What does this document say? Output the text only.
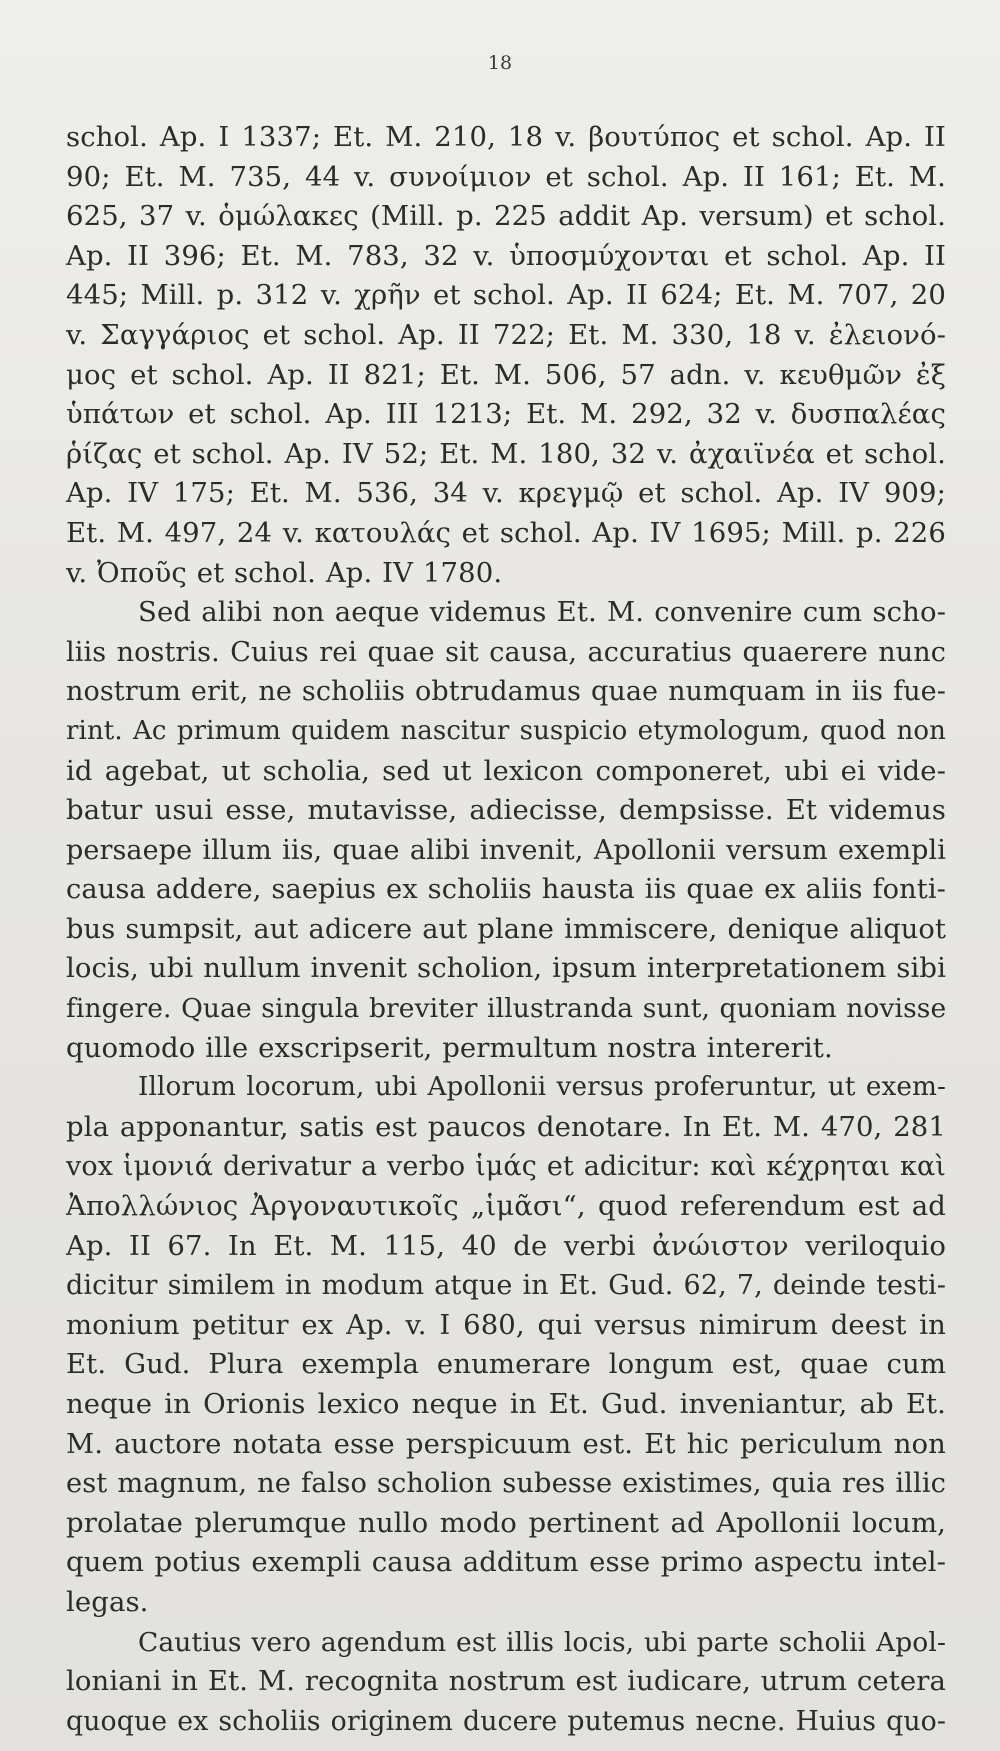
18
schol. Ap. I 1337; Et. M. 210, 18 v. βουτύπος et schol. Ap. II
90; Et. M. 735, 44 v. συνοίμιον et schol. Ap. II 161; Et. M.
625, 37 v. ὁμώλακες (Mill. p. 225 addit Ap. versum) et schol.
Ap. II 396; Et. M. 783, 32 v. ὑποσμύχονται et schol. Ap. II
445; Mill. p. 312 v. χρῆν et schol. Ap. II 624; Et. M. 707, 20
v. Σαγγάριος et schol. Ap. II 722; Et. M. 330, 18 v. ἐλειονό-
μος et schol. Ap. II 821; Et. M. 506, 57 adn. v. κευθμῶν ἐξ
ὑπάτων et schol. Ap. III 1213; Et. M. 292, 32 v. δυσπαλέας
ῥίζας et schol. Ap. IV 52; Et. M. 180, 32 v. ἀχαιϊνέα et schol.
Ap. IV 175; Et. M. 536, 34 v. κρεγμῷ et schol. Ap. IV 909;
Et. M. 497, 24 v. κατουλάς et schol. Ap. IV 1695; Mill. p. 226
v. Ὀποῦς et schol. Ap. IV 1780.
Sed alibi non aeque videmus Et. M. convenire cum scho-
liis nostris. Cuius rei quae sit causa, accuratius quaerere nunc
nostrum erit, ne scholiis obtrudamus quae numquam in iis fue-
rint. Ac primum quidem nascitur suspicio etymologum, quod non
id agebat, ut scholia, sed ut lexicon componeret, ubi ei vide-
batur usui esse, mutavisse, adiecisse, dempsisse. Et videmus
persaepe illum iis, quae alibi invenit, Apollonii versum exempli
causa addere, saepius ex scholiis hausta iis quae ex aliis fonti-
bus sumpsit, aut adicere aut plane immiscere, denique aliquot
locis, ubi nullum invenit scholion, ipsum interpretationem sibi
fingere. Quae singula breviter illustranda sunt, quoniam novisse
quomodo ille exscripserit, permultum nostra intererit.
Illorum locorum, ubi Apollonii versus proferuntur, ut exem-
pla apponantur, satis est paucos denotare. In Et. M. 470, 281
vox ἱμονιά derivatur a verbo ἱμάς et adicitur: καὶ κέχρηται καὶ
Ἀπολλώνιος Ἀργοναυτικοῖς „ἱμᾶσι“, quod referendum est ad
Ap. II 67. In Et. M. 115, 40 de verbi ἀνώιστον veriloquio
dicitur similem in modum atque in Et. Gud. 62, 7, deinde testi-
monium petitur ex Ap. v. I 680, qui versus nimirum deest in
Et. Gud. Plura exempla enumerare longum est, quae cum
neque in Orionis lexico neque in Et. Gud. inveniantur, ab Et.
M. auctore notata esse perspicuum est. Et hic periculum non
est magnum, ne falso scholion subesse existimes, quia res illic
prolatae plerumque nullo modo pertinent ad Apollonii locum,
quem potius exempli causa additum esse primo aspectu intel-
legas.
Cautius vero agendum est illis locis, ubi parte scholii Apol-
loniani in Et. M. recognita nostrum est iudicare, utrum cetera
quoque ex scholiis originem ducere putemus necne. Huius quo-
